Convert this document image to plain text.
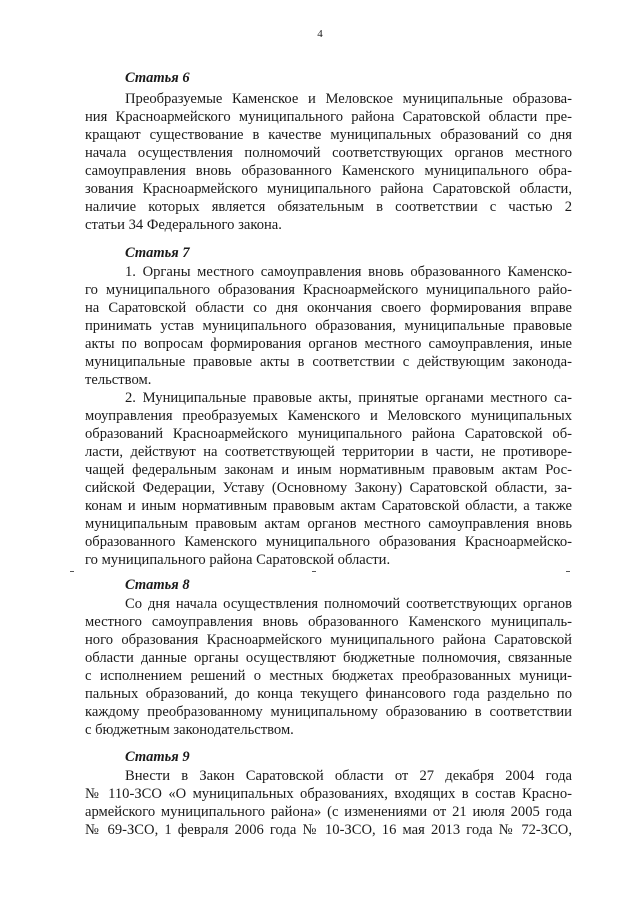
4
Статья 6
Преобразуемые Каменское и Меловское муниципальные образова-
ния Красноармейского муниципального района Саратовской области пре-
кращают существование в качестве муниципальных образований со дня
начала осуществления полномочий соответствующих органов местного
самоуправления вновь образованного Каменского муниципального обра-
зования Красноармейского муниципального района Саратовской области,
наличие которых является обязательным в соответствии с частью 2
статьи 34 Федерального закона.
Статья 7
1. Органы местного самоуправления вновь образованного Каменско-
го муниципального образования Красноармейского муниципального райо-
на Саратовской области со дня окончания своего формирования вправе
принимать устав муниципального образования, муниципальные правовые
акты по вопросам формирования органов местного самоуправления, иные
муниципальные правовые акты в соответствии с действующим законода-
тельством.
2. Муниципальные правовые акты, принятые органами местного са-
моуправления преобразуемых Каменского и Меловского муниципальных
образований Красноармейского муниципального района Саратовской об-
ласти, действуют на соответствующей территории в части, не противоре-
чащей федеральным законам и иным нормативным правовым актам Рос-
сийской Федерации, Уставу (Основному Закону) Саратовской области, за-
конам и иным нормативным правовым актам Саратовской области, а также
муниципальным правовым актам органов местного самоуправления вновь
образованного Каменского муниципального образования Красноармейско-
го муниципального района Саратовской области.
Статья 8
Со дня начала осуществления полномочий соответствующих органов
местного самоуправления вновь образованного Каменского муниципаль-
ного образования Красноармейского муниципального района Саратовской
области данные органы осуществляют бюджетные полномочия, связанные
с исполнением решений о местных бюджетах преобразованных муници-
пальных образований, до конца текущего финансового года раздельно по
каждому преобразованному муниципальному образованию в соответствии
с бюджетным законодательством.
Статья 9
Внести в Закон Саратовской области от 27 декабря 2004 года
№ 110-ЗСО «О муниципальных образованиях, входящих в состав Красно-
армейского муниципального района» (с изменениями от 21 июля 2005 года
№ 69-ЗСО, 1 февраля 2006 года № 10-ЗСО, 16 мая 2013 года № 72-ЗСО,
